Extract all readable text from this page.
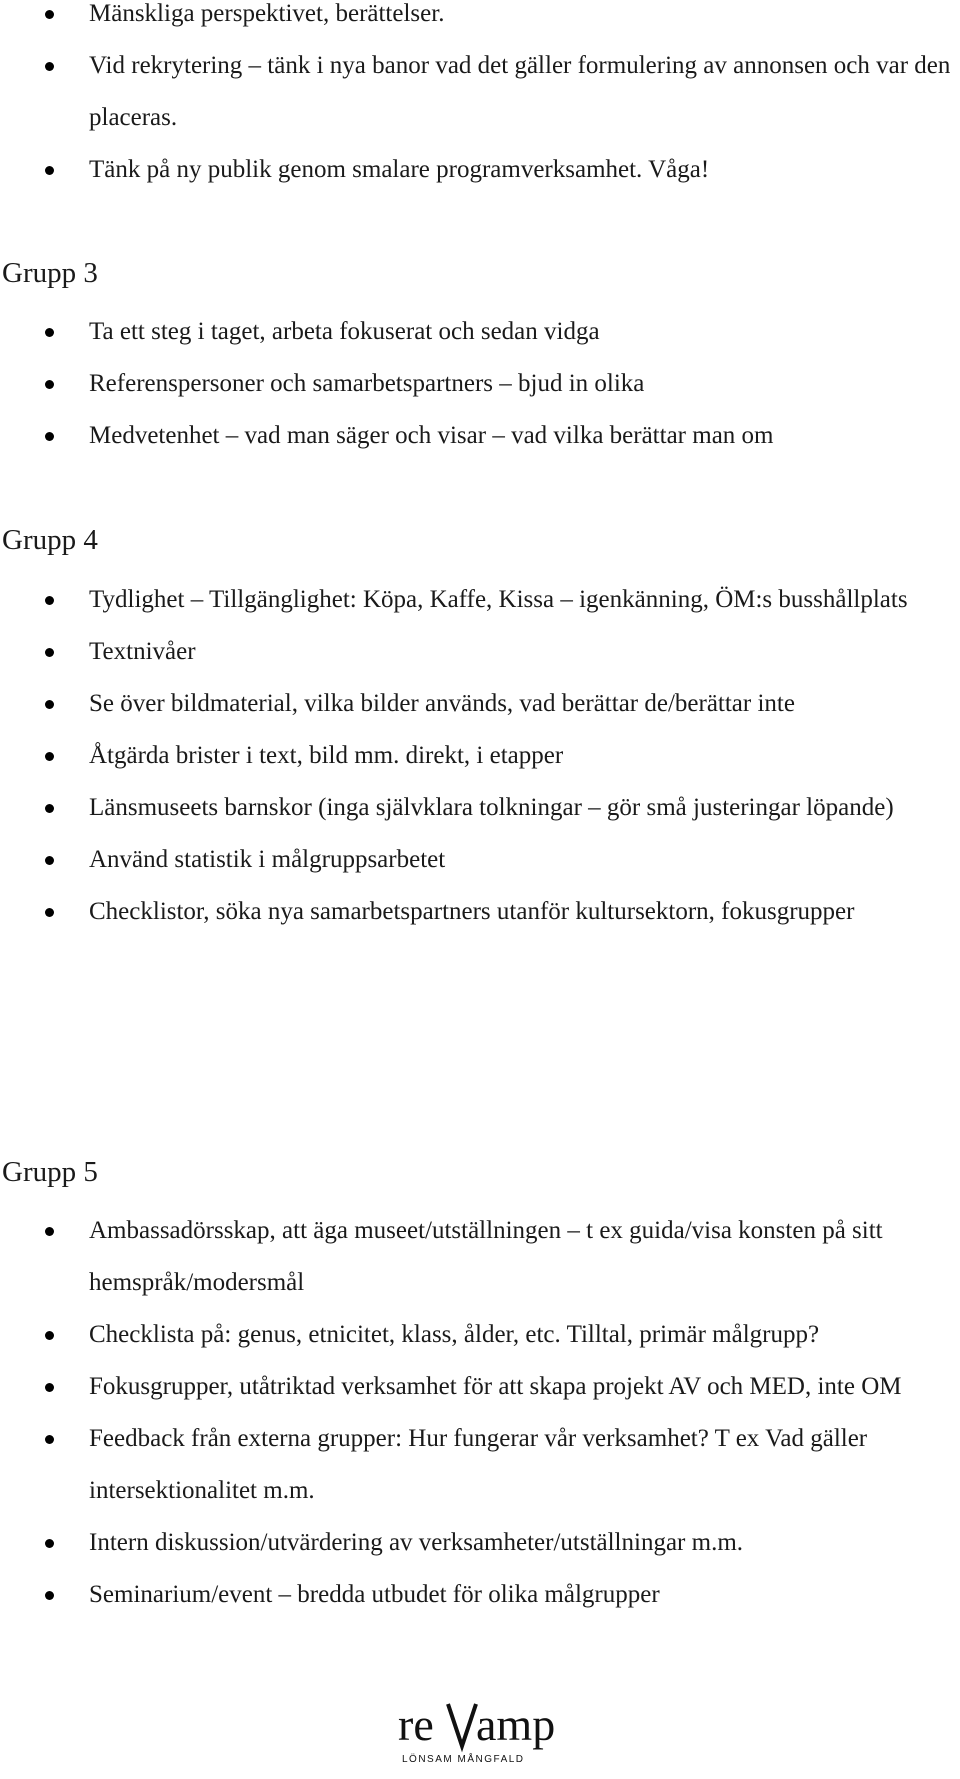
Mänskliga perspektivet, berättelser.
Vid rekrytering – tänk i nya banor vad det gäller formulering av annonsen och var den placeras.
Tänk på ny publik genom smalare programverksamhet. Våga!
Grupp 3
Ta ett steg i taget, arbeta fokuserat och sedan vidga
Referenspersoner och samarbetspartners – bjud in olika
Medvetenhet – vad man säger och visar – vad vilka berättar man om
Grupp 4
Tydlighet – Tillgänglighet: Köpa, Kaffe, Kissa – igenkänning, ÖM:s busshållplats
Textnivåer
Se över bildmaterial, vilka bilder används, vad berättar de/berättar inte
Åtgärda brister i text, bild mm. direkt, i etapper
Länsmuseets barnskor (inga självklara tolkningar – gör små justeringar löpande)
Använd statistik i målgruppsarbetet
Checklistor, söka nya samarbetspartners utanför kultursektorn, fokusgrupper
Grupp 5
Ambassadörsskap, att äga museet/utställningen – t ex guida/visa konsten på sitt hemspråk/modersmål
Checklista på: genus, etnicitet, klass, ålder, etc. Tilltal, primär målgrupp?
Fokusgrupper, utåtriktad verksamhet för att skapa projekt AV och MED, inte OM
Feedback från externa grupper: Hur fungerar vår verksamhet? T ex Vad gäller intersektionalitet m.m.
Intern diskussion/utvärdering av verksamheter/utställningar m.m.
Seminarium/event – bredda utbudet för olika målgrupper
re amp
LÖNSAM MÅNGFALD
